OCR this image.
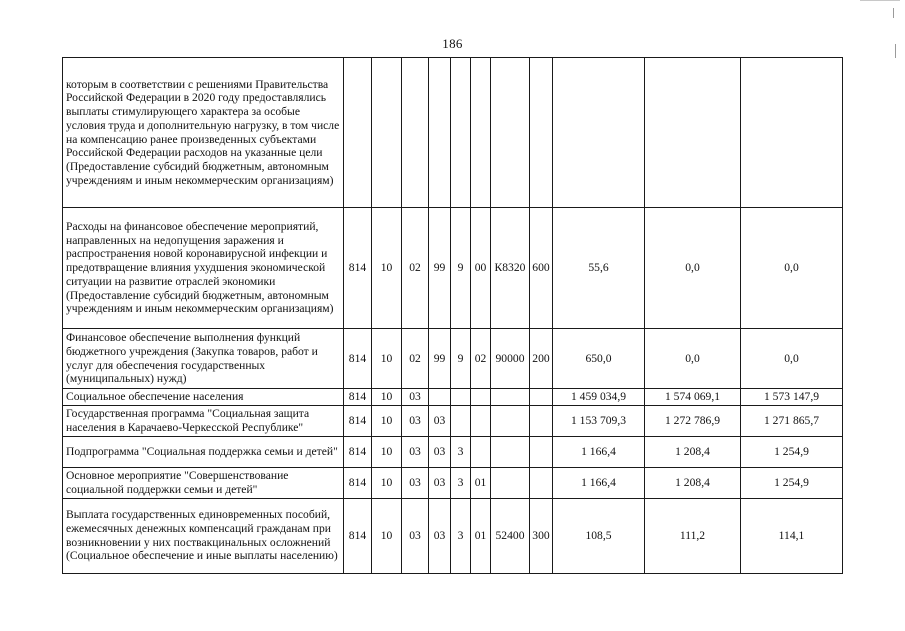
186
которым в соответствии с решениями Правительства Российской Федерации в 2020 году предоставлялись выплаты стимулирующего характера за особые условия труда и дополнительную нагрузку, в том числе на компенсацию ранее произведенных субъектами Российской Федерации расходов на указанные цели (Предоставление субсидий бюджетным, автономным учреждениям и иным некоммерческим организациям)											
Расходы на финансовое обеспечение мероприятий, направленных на недопущения заражения и распространения новой коронавирусной инфекции и предотвращение влияния ухудшения экономической ситуации на развитие отраслей экономики (Предоставление субсидий бюджетным, автономным учреждениям и иным некоммерческим организациям)	814	10	02	99	9	00	К8320	600	55,6	0,0	0,0
Финансовое обеспечение выполнения функций бюджетного учреждения (Закупка товаров, работ и услуг для обеспечения государственных (муниципальных) нужд)	814	10	02	99	9	02	90000	200	650,0	0,0	0,0
Социальное обеспечение населения	814	10	03						1 459 034,9	1 574 069,1	1 573 147,9
Государственная программа "Социальная защита населения в Карачаево-Черкесской Республике"	814	10	03	03					1 153 709,3	1 272 786,9	1 271 865,7
Подпрограмма "Социальная поддержка семьи и детей"	814	10	03	03	3				1 166,4	1 208,4	1 254,9
Основное мероприятие "Совершенствование социальной поддержки семьи и детей"	814	10	03	03	3	01			1 166,4	1 208,4	1 254,9
Выплата государственных единовременных пособий, ежемесячных денежных компенсаций гражданам при возникновении у них поствакцинальных осложнений (Социальное обеспечение и иные выплаты населению)	814	10	03	03	3	01	52400	300	108,5	111,2	114,1
